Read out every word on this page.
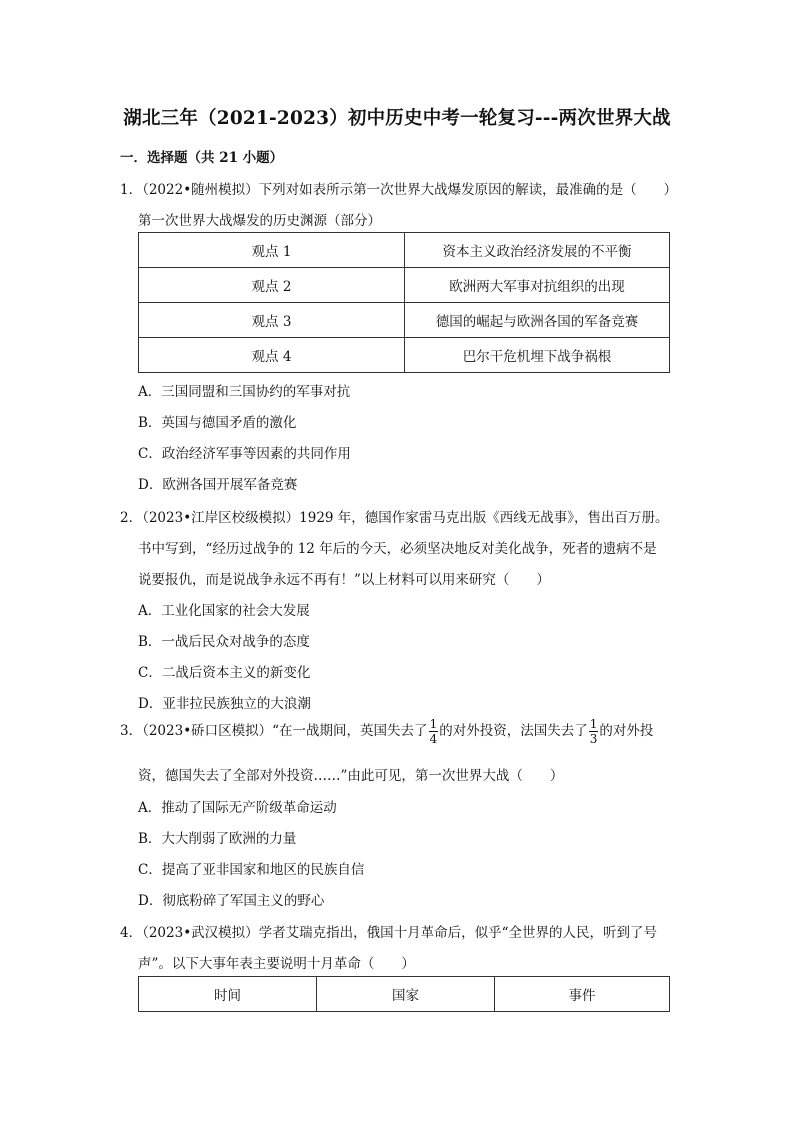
湖北三年（2021-2023）初中历史中考一轮复习---两次世界大战
一．选择题（共 21 小题）
1．（2022•随州模拟）下列对如表所示第一次世界大战爆发原因的解读，最准确的是（　　）
第一次世界大战爆发的历史渊源（部分）
观点 1	资本主义政治经济发展的不平衡
观点 2	欧洲两大军事对抗组织的出现
观点 3	德国的崛起与欧洲各国的军备竞赛
观点 4	巴尔干危机埋下战争祸根
A．三国同盟和三国协约的军事对抗
B．英国与德国矛盾的激化
C．政治经济军事等因素的共同作用
D．欧洲各国开展军备竞赛
2．（2023•江岸区校级模拟）1929 年，德国作家雷马克出版《西线无战事》，售出百万册。
书中写到，“经历过战争的 12 年后的今天，必须坚决地反对美化战争，死者的遗病不是
说要报仇，而是说战争永远不再有！”以上材料可以用来研究（　　）
A．工业化国家的社会大发展
B．一战后民众对战争的态度
C．二战后资本主义的新变化
D．亚非拉民族独立的大浪潮
3．（2023•硚口区模拟）“在一战期间，英国失去了 $\frac{1}{4}$ 的对外投资，法国失去了 $\frac{1}{3}$ 的对外投
资，德国失去了全部对外投资……”由此可见，第一次世界大战（　　）
A．推动了国际无产阶级革命运动
B．大大削弱了欧洲的力量
C．提高了亚非国家和地区的民族自信
D．彻底粉碎了军国主义的野心
4．（2023•武汉模拟）学者艾瑞克指出，俄国十月革命后，似乎“全世界的人民，听到了号
声”。以下大事年表主要说明十月革命（　　）
时间	国家	事件
